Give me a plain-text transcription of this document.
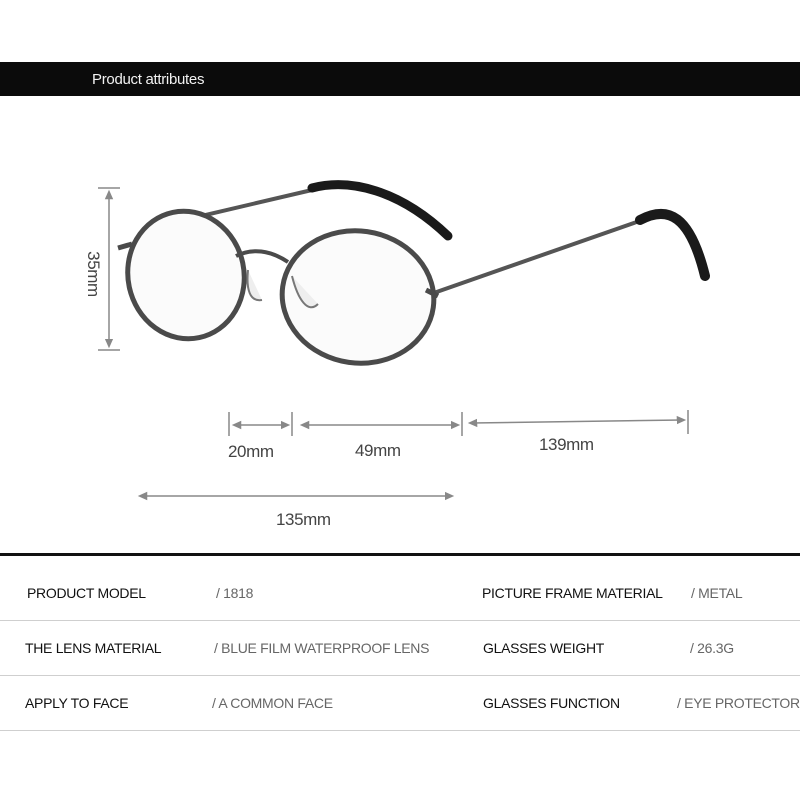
Product attributes
35mm
20mm	49mm	139mm
135mm
PRODUCT MODEL	/ 1818	PICTURE FRAME MATERIAL / METAL
THE LENS MATERIAL	/ BLUE FILM WATERPROOF LENS	GLASSES WEIGHT	/ 26.3G
APPLY TO FACE	/ A COMMON FACE	GLASSES FUNCTION	/ EYE PROTECTOR
